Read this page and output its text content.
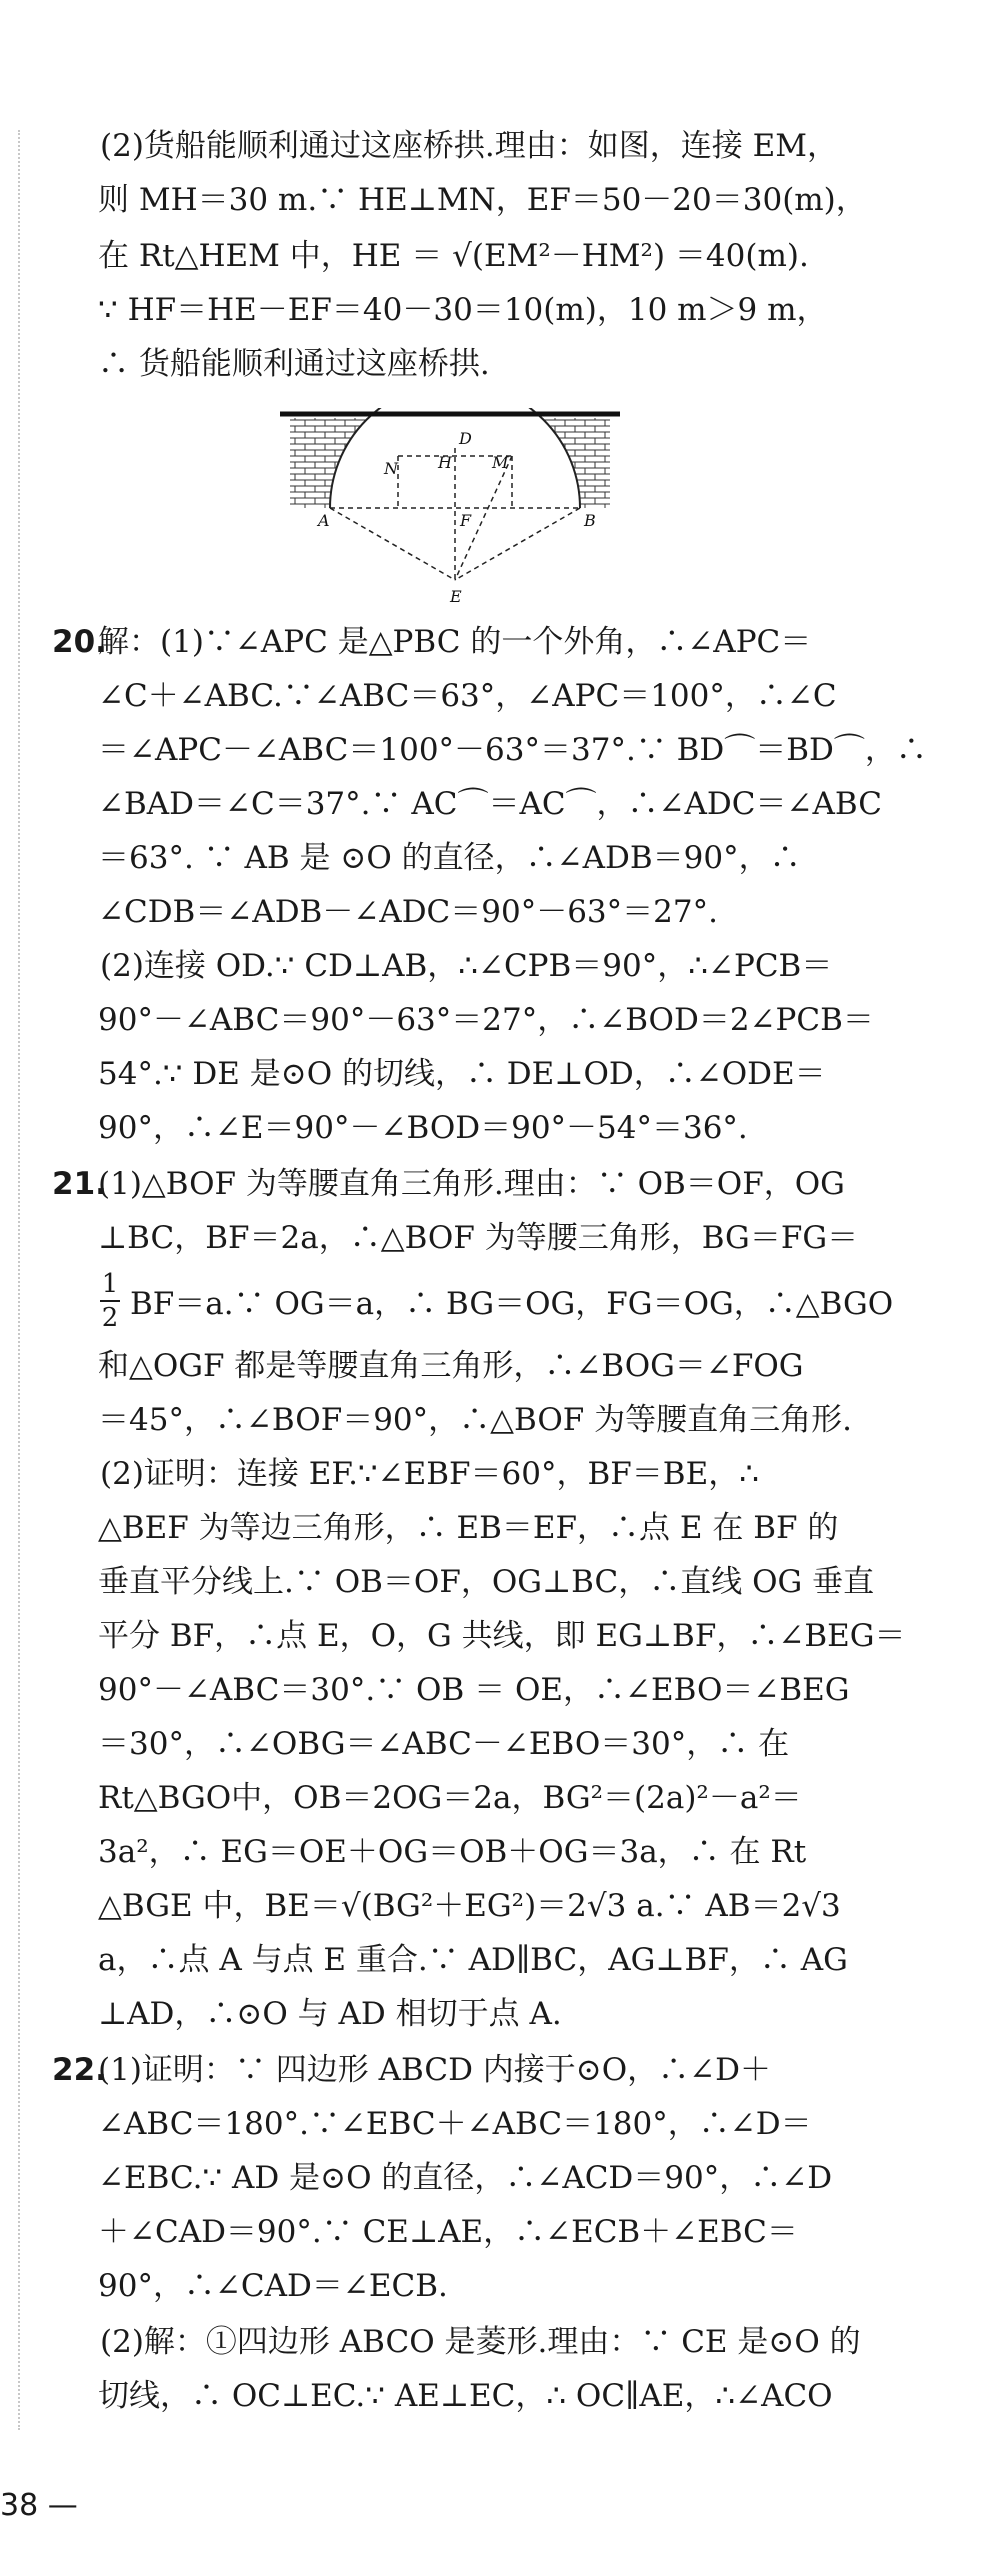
(2)货船能顺利通过这座桥拱.理由：如图，连接 EM，
则 MH＝30 m.∵ HE⊥MN，EF＝50－20＝30(m)，
在 Rt△HEM 中，HE ＝ √(EM²－HM²) ＝40(m).
∵ HF＝HE－EF＝40－30＝10(m)，10 m＞9 m，
∴ 货船能顺利通过这座桥拱.
N	H
D
M
A	F	B
E
20.
解：(1)∵∠APC 是△PBC 的一个外角，∴∠APC＝
∠C＋∠ABC.∵∠ABC＝63°，∠APC＝100°，∴∠C
＝∠APC－∠ABC＝100°－63°＝37°.∵ BD⌒＝BD⌒，∴
∠BAD＝∠C＝37°.∵ AC⌒＝AC⌒，∴∠ADC＝∠ABC
＝63°. ∵ AB 是 ⊙O 的直径，∴∠ADB＝90°，∴
∠CDB＝∠ADB－∠ADC＝90°－63°＝27°.
(2)连接 OD.∵ CD⊥AB，∴∠CPB＝90°，∴∠PCB＝
90°－∠ABC＝90°－63°＝27°，∴∠BOD＝2∠PCB＝
54°.∵ DE 是⊙O 的切线，∴ DE⊥OD，∴∠ODE＝
90°，∴∠E＝90°－∠BOD＝90°－54°＝36°.
21.
(1)△BOF 为等腰直角三角形.理由：∵ OB＝OF，OG
⊥BC，BF＝2a，∴△BOF 为等腰三角形，BG＝FG＝
1
2 BF＝a.∵ OG＝a，∴ BG＝OG，FG＝OG，∴△BGO
和△OGF 都是等腰直角三角形，∴∠BOG＝∠FOG
＝45°，∴∠BOF＝90°，∴△BOF 为等腰直角三角形.
(2)证明：连接 EF.∵∠EBF＝60°，BF＝BE，∴
△BEF 为等边三角形，∴ EB＝EF，∴点 E 在 BF 的
垂直平分线上.∵ OB＝OF，OG⊥BC，∴直线 OG 垂直
平分 BF，∴点 E，O，G 共线，即 EG⊥BF，∴∠BEG＝
90°－∠ABC＝30°.∵ OB ＝ OE，∴∠EBO＝∠BEG
＝30°，∴∠OBG＝∠ABC－∠EBO＝30°，∴ 在
Rt△BGO中，OB＝2OG＝2a，BG²＝(2a)²－a²＝
3a²，∴ EG＝OE＋OG＝OB＋OG＝3a，∴ 在 Rt
△BGE 中，BE＝√(BG²＋EG²)＝2√3 a.∵ AB＝2√3
a，∴点 A 与点 E 重合.∵ AD∥BC，AG⊥BF，∴ AG
⊥AD，∴⊙O 与 AD 相切于点 A.
22.
(1)证明：∵ 四边形 ABCD 内接于⊙O，∴∠D＋
∠ABC＝180°.∵∠EBC＋∠ABC＝180°，∴∠D＝
∠EBC.∵ AD 是⊙O 的直径，∴∠ACD＝90°，∴∠D
＋∠CAD＝90°.∵ CE⊥AE，∴∠ECB＋∠EBC＝
90°，∴∠CAD＝∠ECB.
(2)解：①四边形 ABCO 是菱形.理由：∵ CE 是⊙O 的
切线，∴ OC⊥EC.∵ AE⊥EC，∴ OC∥AE，∴∠ACO
38 —
